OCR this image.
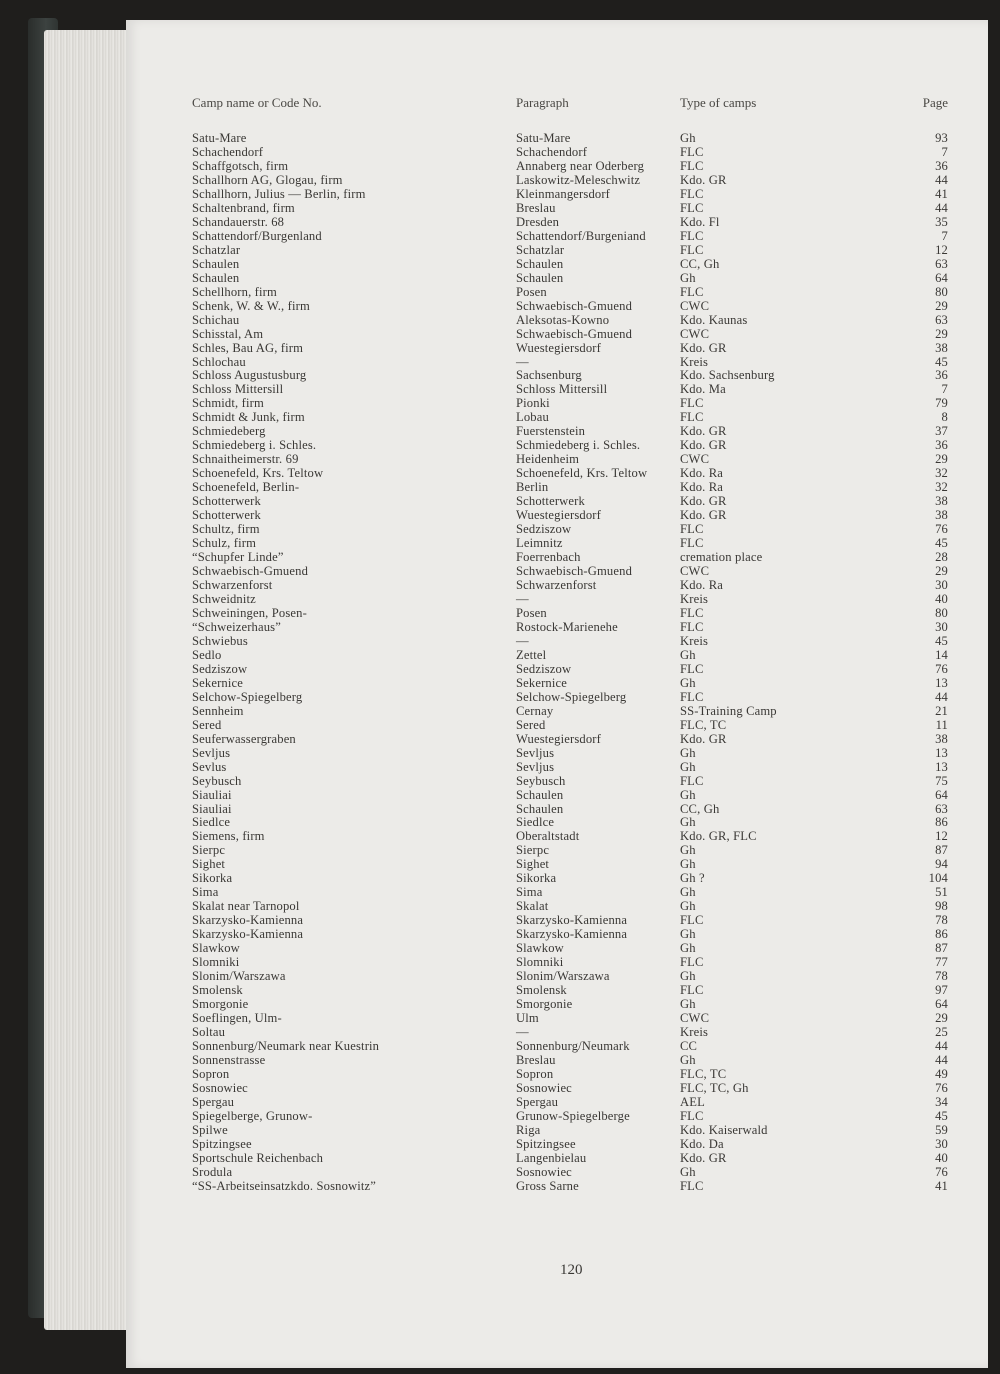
Camp name or Code No.	Paragraph	Type of camps	Page
Satu-Mare	Satu-Mare	Gh	93
Schachendorf	Schachendorf	FLC	7
Schaffgotsch, firm	Annaberg near Oderberg	FLC	36
Schallhorn AG, Glogau, firm	Laskowitz-Meleschwitz	Kdo. GR	44
Schallhorn, Julius — Berlin, firm	Kleinmangersdorf	FLC	41
Schaltenbrand, firm	Breslau	FLC	44
Schandauerstr. 68	Dresden	Kdo. Fl	35
Schattendorf/Burgenland	Schattendorf/Burgeniand	FLC	7
Schatzlar	Schatzlar	FLC	12
Schaulen	Schaulen	CC, Gh	63
Schaulen	Schaulen	Gh	64
Schellhorn, firm	Posen	FLC	80
Schenk, W. & W., firm	Schwaebisch-Gmuend	CWC	29
Schichau	Aleksotas-Kowno	Kdo. Kaunas	63
Schisstal, Am	Schwaebisch-Gmuend	CWC	29
Schles, Bau AG, firm	Wuestegiersdorf	Kdo. GR	38
Schlochau	—	Kreis	45
Schloss Augustusburg	Sachsenburg	Kdo. Sachsenburg	36
Schloss Mittersill	Schloss Mittersill	Kdo. Ma	7
Schmidt, firm	Pionki	FLC	79
Schmidt & Junk, firm	Lobau	FLC	8
Schmiedeberg	Fuerstenstein	Kdo. GR	37
Schmiedeberg i. Schles.	Schmiedeberg i. Schles.	Kdo. GR	36
Schnaitheimerstr. 69	Heidenheim	CWC	29
Schoenefeld, Krs. Teltow	Schoenefeld, Krs. Teltow	Kdo. Ra	32
Schoenefeld, Berlin-	Berlin	Kdo. Ra	32
Schotterwerk	Schotterwerk	Kdo. GR	38
Schotterwerk	Wuestegiersdorf	Kdo. GR	38
Schultz, firm	Sedziszow	FLC	76
Schulz, firm	Leimnitz	FLC	45
“Schupfer Linde”	Foerrenbach	cremation place	28
Schwaebisch-Gmuend	Schwaebisch-Gmuend	CWC	29
Schwarzenforst	Schwarzenforst	Kdo. Ra	30
Schweidnitz	—	Kreis	40
Schweiningen, Posen-	Posen	FLC	80
“Schweizerhaus”	Rostock-Marienehe	FLC	30
Schwiebus	—	Kreis	45
Sedlo	Zettel	Gh	14
Sedziszow	Sedziszow	FLC	76
Sekernice	Sekernice	Gh	13
Selchow-Spiegelberg	Selchow-Spiegelberg	FLC	44
Sennheim	Cernay	SS-Training Camp	21
Sered	Sered	FLC, TC	11
Seuferwassergraben	Wuestegiersdorf	Kdo. GR	38
Sevljus	Sevljus	Gh	13
Sevlus	Sevljus	Gh	13
Seybusch	Seybusch	FLC	75
Siauliai	Schaulen	Gh	64
Siauliai	Schaulen	CC, Gh	63
Siedlce	Siedlce	Gh	86
Siemens, firm	Oberaltstadt	Kdo. GR, FLC	12
Sierpc	Sierpc	Gh	87
Sighet	Sighet	Gh	94
Sikorka	Sikorka	Gh ?	104
Sima	Sima	Gh	51
Skalat near Tarnopol	Skalat	Gh	98
Skarzysko-Kamienna	Skarzysko-Kamienna	FLC	78
Skarzysko-Kamienna	Skarzysko-Kamienna	Gh	86
Slawkow	Slawkow	Gh	87
Slomniki	Slomniki	FLC	77
Slonim/Warszawa	Slonim/Warszawa	Gh	78
Smolensk	Smolensk	FLC	97
Smorgonie	Smorgonie	Gh	64
Soeflingen, Ulm-	Ulm	CWC	29
Soltau	—	Kreis	25
Sonnenburg/Neumark near Kuestrin	Sonnenburg/Neumark	CC	44
Sonnenstrasse	Breslau	Gh	44
Sopron	Sopron	FLC, TC	49
Sosnowiec	Sosnowiec	FLC, TC, Gh	76
Spergau	Spergau	AEL	34
Spiegelberge, Grunow-	Grunow-Spiegelberge	FLC	45
Spilwe	Riga	Kdo. Kaiserwald	59
Spitzingsee	Spitzingsee	Kdo. Da	30
Sportschule Reichenbach	Langenbielau	Kdo. GR	40
Srodula	Sosnowiec	Gh	76
“SS-Arbeitseinsatzkdo. Sosnowitz”	Gross Sarne	FLC	41
120
